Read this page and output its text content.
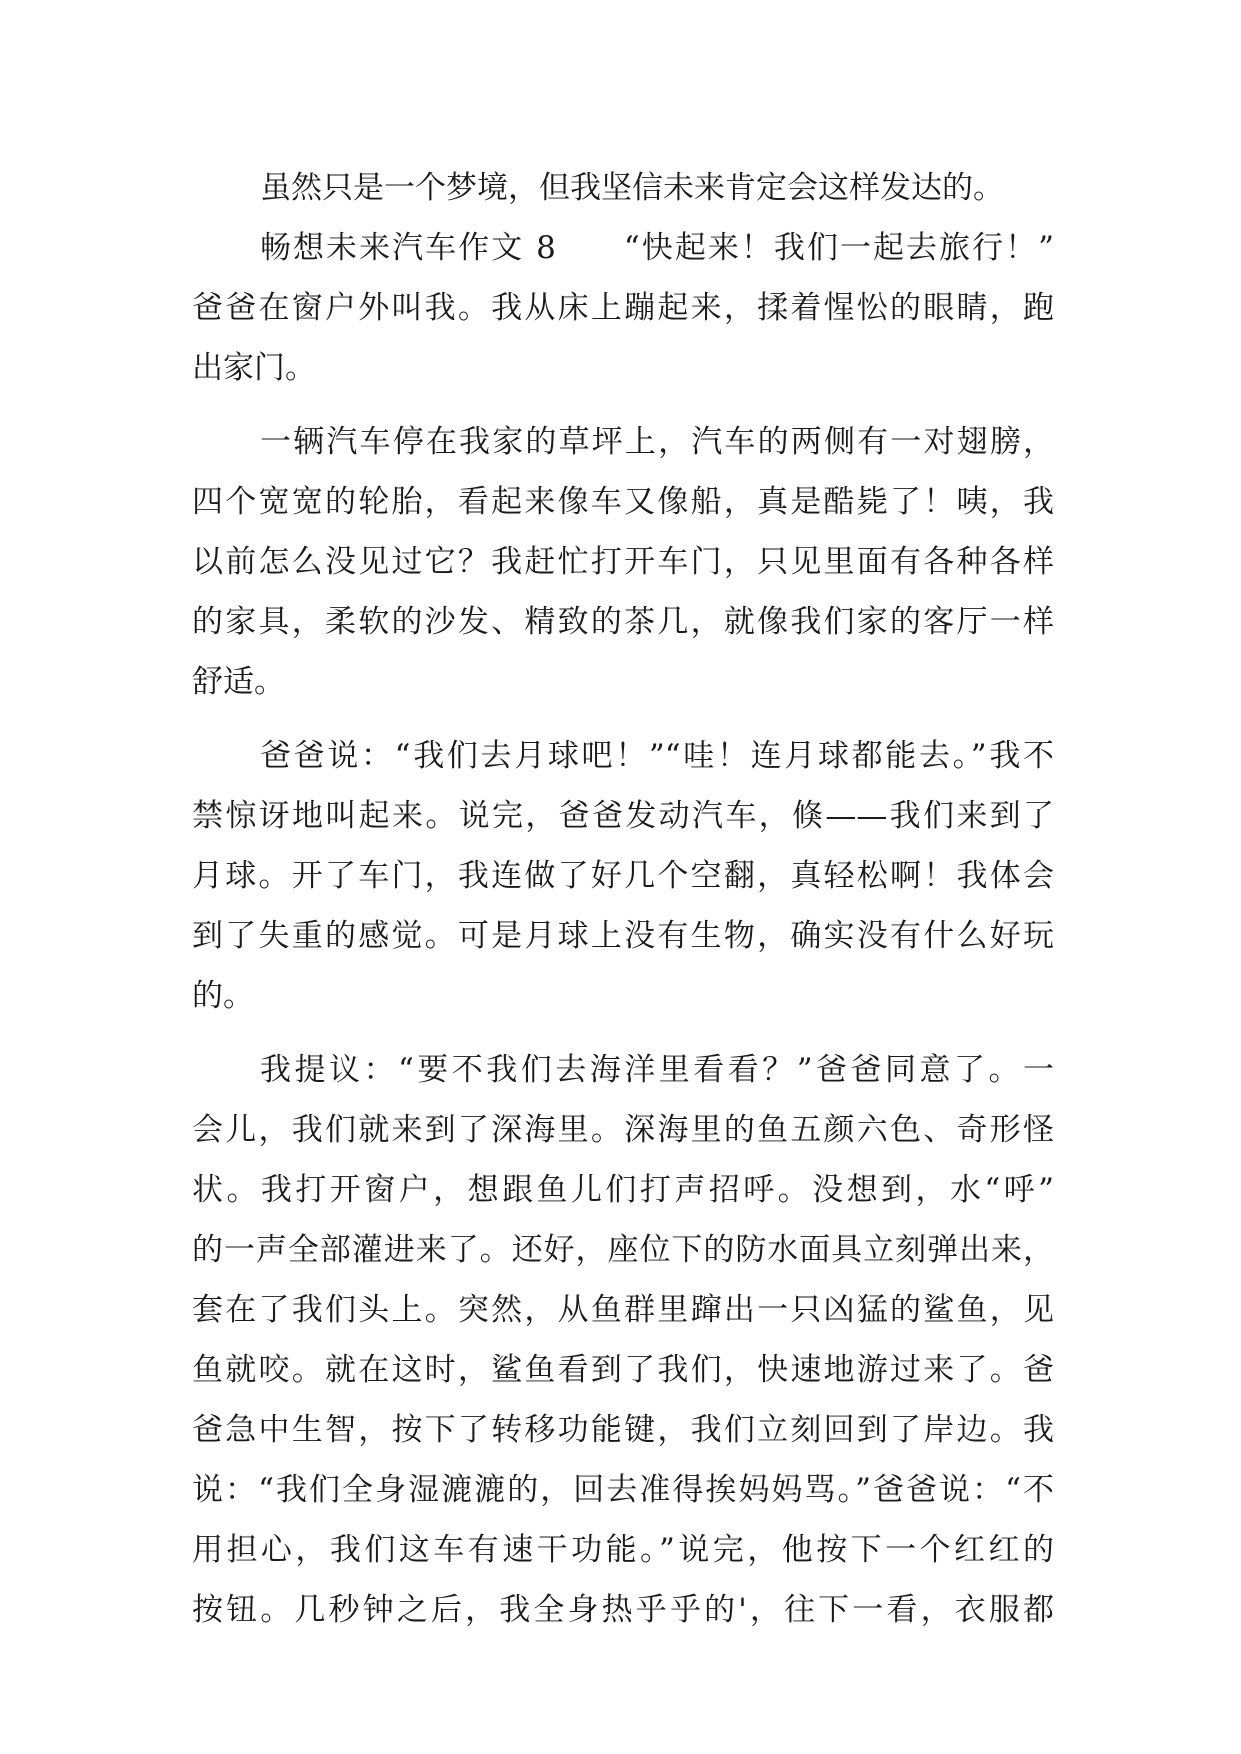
虽然只是一个梦境，但我坚信未来肯定会这样发达的。
畅想未来汽车作文 8　　“快起来！我们一起去旅行！”
爸爸在窗户外叫我。我从床上蹦起来，揉着惺忪的眼睛，跑
出家门。
一辆汽车停在我家的草坪上，汽车的两侧有一对翅膀，
四个宽宽的轮胎，看起来像车又像船，真是酷毙了！咦，我
以前怎么没见过它？我赶忙打开车门，只见里面有各种各样
的家具，柔软的沙发、精致的茶几，就像我们家的客厅一样
舒适。
爸爸说：“我们去月球吧！”“哇！连月球都能去。”我不
禁惊讶地叫起来。说完，爸爸发动汽车，倏——我们来到了
月球。开了车门，我连做了好几个空翻，真轻松啊！我体会
到了失重的感觉。可是月球上没有生物，确实没有什么好玩
的。
我提议：“要不我们去海洋里看看？”爸爸同意了。一
会儿，我们就来到了深海里。深海里的鱼五颜六色、奇形怪
状。我打开窗户，想跟鱼儿们打声招呼。没想到，水“呼”
的一声全部灌进来了。还好，座位下的防水面具立刻弹出来，
套在了我们头上。突然，从鱼群里蹿出一只凶猛的鲨鱼，见
鱼就咬。就在这时，鲨鱼看到了我们，快速地游过来了。爸
爸急中生智，按下了转移功能键，我们立刻回到了岸边。我
说：“我们全身湿漉漉的，回去准得挨妈妈骂。”爸爸说：“不
用担心，我们这车有速干功能。”说完，他按下一个红红的
按钮。几秒钟之后，我全身热乎乎的'，往下一看，衣服都
